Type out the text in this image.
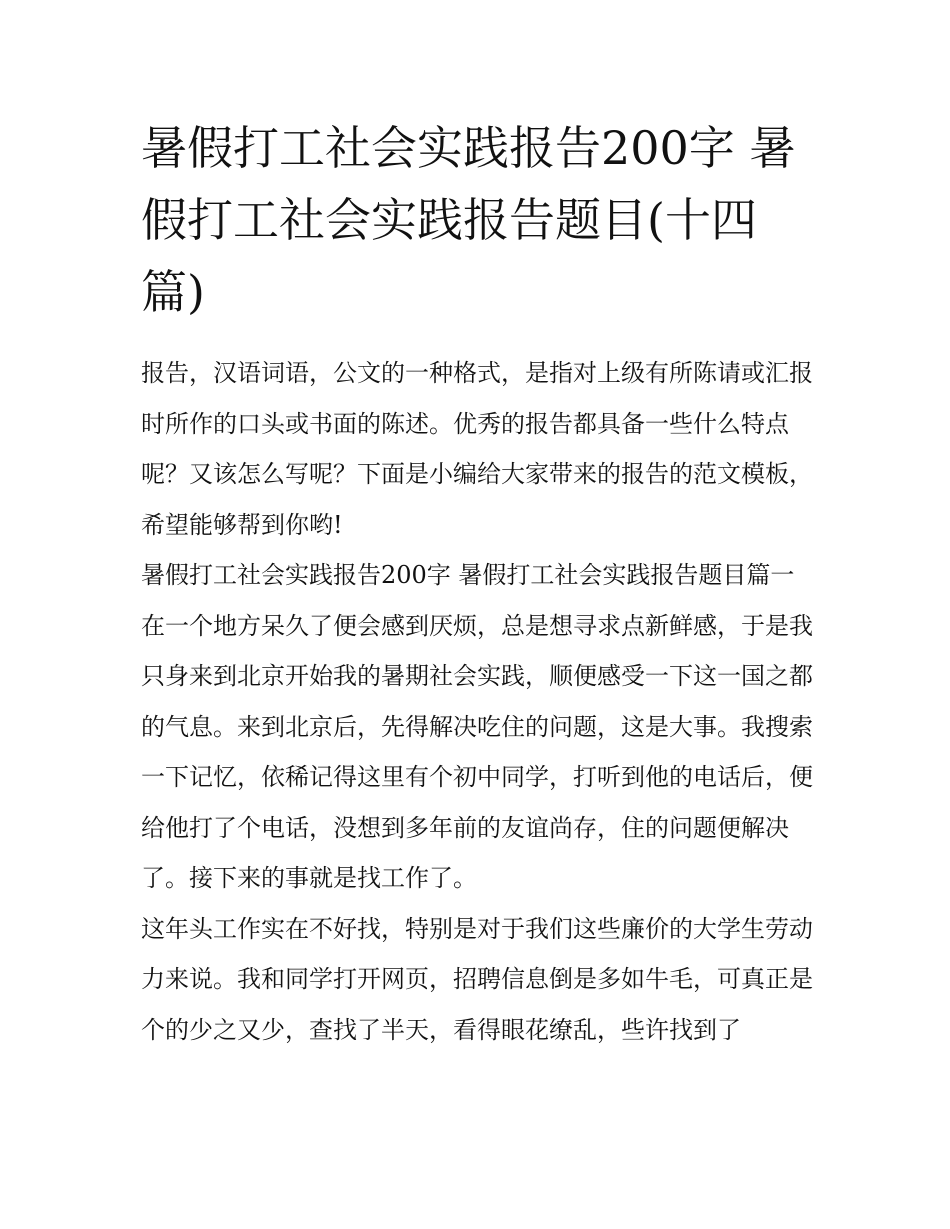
暑假打工社会实践报告200字 暑假打工社会实践报告题目(十四篇)

报告，汉语词语，公文的一种格式，是指对上级有所陈请或汇报时所作的口头或书面的陈述。优秀的报告都具备一些什么特点呢？又该怎么写呢？下面是小编给大家带来的报告的范文模板，希望能够帮到你哟!

暑假打工社会实践报告200字 暑假打工社会实践报告题目篇一

在一个地方呆久了便会感到厌烦，总是想寻求点新鲜感，于是我只身来到北京开始我的暑期社会实践，顺便感受一下这一国之都的气息。来到北京后，先得解决吃住的问题，这是大事。我搜索一下记忆，依稀记得这里有个初中同学，打听到他的电话后，便给他打了个电话，没想到多年前的友谊尚存，住的问题便解决了。接下来的事就是找工作了。

这年头工作实在不好找，特别是对于我们这些廉价的大学生劳动力来说。我和同学打开网页，招聘信息倒是多如牛毛，可真正是个的少之又少，查找了半天，看得眼花缭乱，些许找到了
